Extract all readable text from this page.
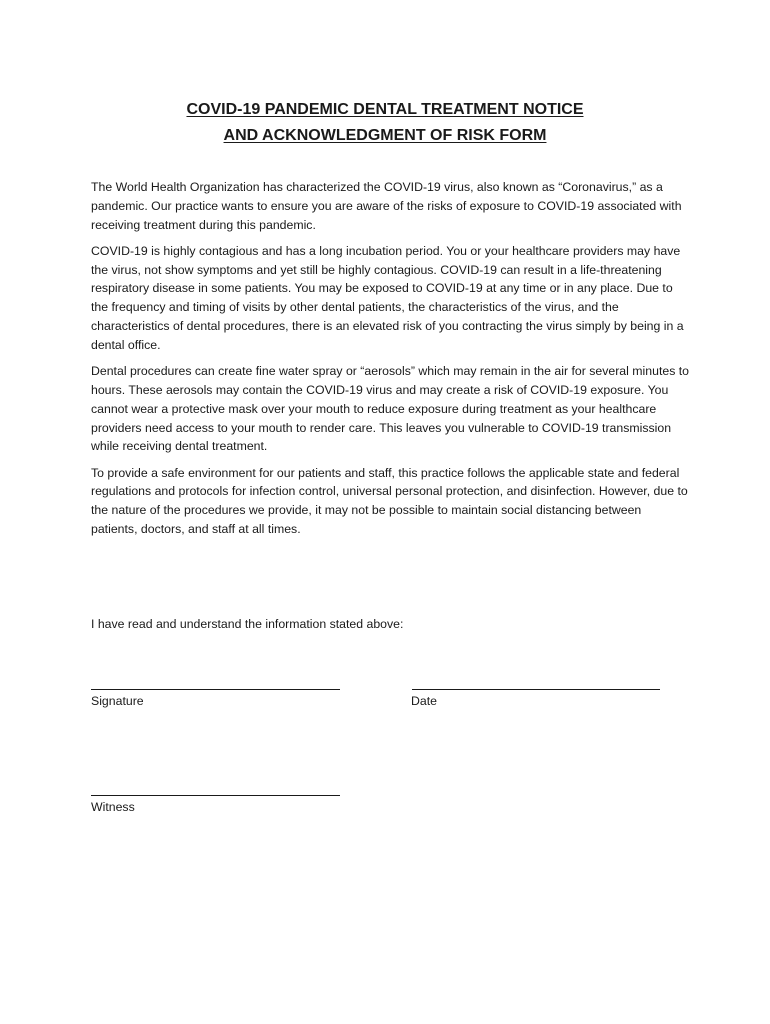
COVID-19 PANDEMIC DENTAL TREATMENT NOTICE
AND ACKNOWLEDGMENT OF RISK FORM

The World Health Organization has characterized the COVID-19 virus, also known as “Coronavirus,” as a pandemic. Our practice wants to ensure you are aware of the risks of exposure to COVID-19 associated with receiving treatment during this pandemic.

COVID-19 is highly contagious and has a long incubation period. You or your healthcare providers may have the virus, not show symptoms and yet still be highly contagious. COVID-19 can result in a life-threatening respiratory disease in some patients. You may be exposed to COVID-19 at any time or in any place. Due to the frequency and timing of visits by other dental patients, the characteristics of the virus, and the characteristics of dental procedures, there is an elevated risk of you contracting the virus simply by being in a dental office.

Dental procedures can create fine water spray or “aerosols” which may remain in the air for several minutes to hours. These aerosols may contain the COVID-19 virus and may create a risk of COVID-19 exposure. You cannot wear a protective mask over your mouth to reduce exposure during treatment as your healthcare providers need access to your mouth to render care. This leaves you vulnerable to COVID-19 transmission while receiving dental treatment.

To provide a safe environment for our patients and staff, this practice follows the applicable state and federal regulations and protocols for infection control, universal personal protection, and disinfection. However, due to the nature of the procedures we provide, it may not be possible to maintain social distancing between patients, doctors, and staff at all times.

I have read and understand the information stated above:

Signature	Date
Witness
